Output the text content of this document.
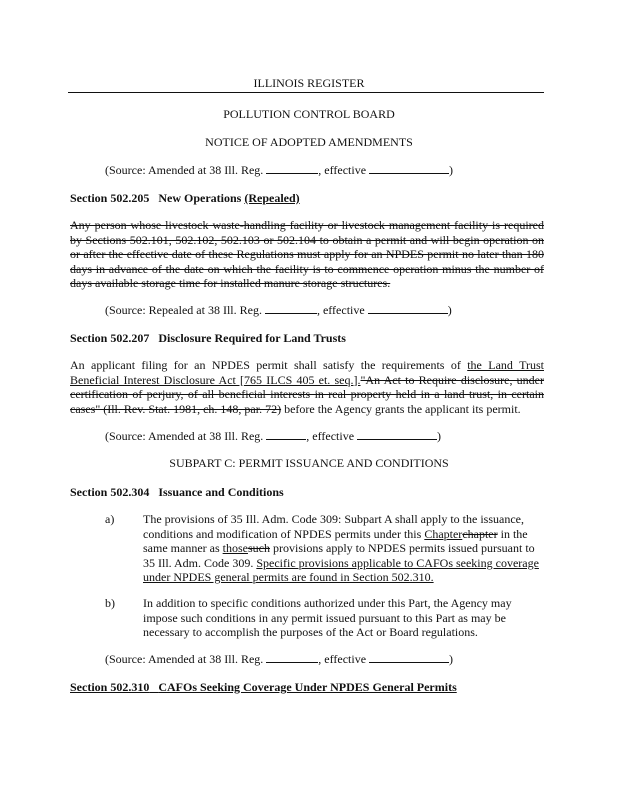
ILLINOIS REGISTER
POLLUTION CONTROL BOARD
NOTICE OF ADOPTED AMENDMENTS
(Source: Amended at 38 Ill. Reg.	, effective	)
Section 502.205 New Operations (Repealed)
Any person whose livestock waste-handling facility or livestock management facility is required by Sections 502.101, 502.102, 502.103 or 502.104 to obtain a permit and will begin operation on or after the effective date of these Regulations must apply for an NPDES permit no later than 180 days in advance of the date on which the facility is to commence operation minus the number of days available storage time for installed manure storage structures.
(Source: Repealed at 38 Ill. Reg.	, effective	)
Section 502.207 Disclosure Required for Land Trusts
An applicant filing for an NPDES permit shall satisfy the requirements of the Land Trust Beneficial Interest Disclosure Act [765 ILCS 405 et. seq.]."An Act to Require disclosure, under certification of perjury, of all beneficial interests in real property held in a land trust, in certain cases" (Ill. Rev. Stat. 1981, ch. 148, par. 72) before the Agency grants the applicant its permit.
(Source: Amended at 38 Ill. Reg.	, effective	)
SUBPART C: PERMIT ISSUANCE AND CONDITIONS
Section 502.304 Issuance and Conditions
a) The provisions of 35 Ill. Adm. Code 309: Subpart A shall apply to the issuance, conditions and modification of NPDES permits under this Chapterchapter in the same manner as thosesuch provisions apply to NPDES permits issued pursuant to 35 Ill. Adm. Code 309. Specific provisions applicable to CAFOs seeking coverage under NPDES general permits are found in Section 502.310.
b) In addition to specific conditions authorized under this Part, the Agency may impose such conditions in any permit issued pursuant to this Part as may be necessary to accomplish the purposes of the Act or Board regulations.
(Source: Amended at 38 Ill. Reg.	, effective	)
Section 502.310 CAFOs Seeking Coverage Under NPDES General Permits
